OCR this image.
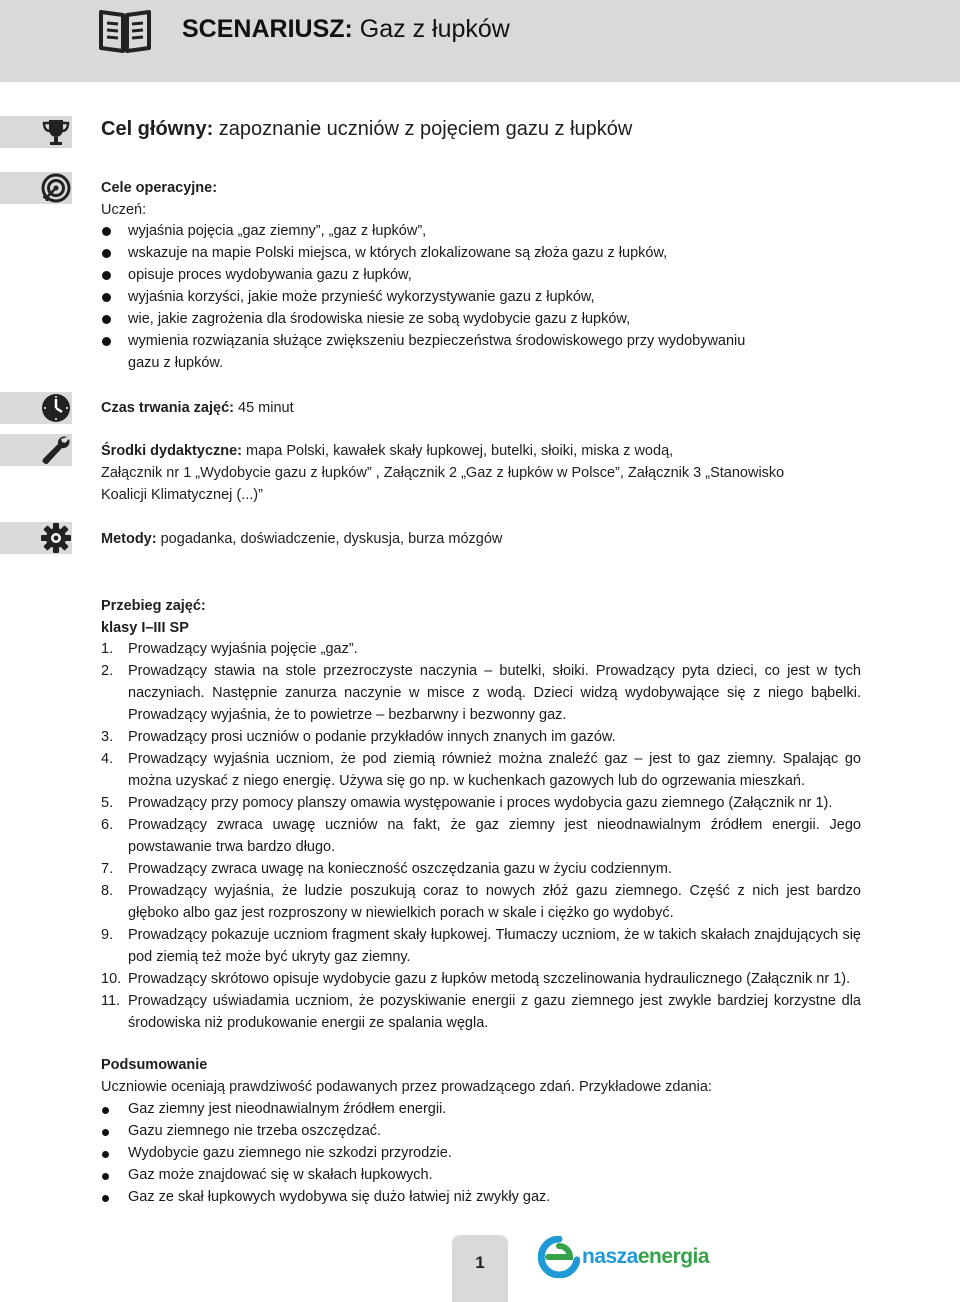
SCENARIUSZ: Gaz z łupków
Cel główny: zapoznanie uczniów z pojęciem gazu z łupków
Cele operacyjne:
Uczeń:
wyjaśnia pojęcia „gaz ziemny”, „gaz z łupków”,
wskazuje na mapie Polski miejsca, w których zlokalizowane są złoża gazu z łupków,
opisuje proces wydobywania gazu z łupków,
wyjaśnia korzyści, jakie może przynieść wykorzystywanie gazu z łupków,
wie, jakie zagrożenia dla środowiska niesie ze sobą wydobycie gazu z łupków,
wymienia rozwiązania służące zwiększeniu bezpieczeństwa środowiskowego przy wydobywaniu
gazu z łupków.
Czas trwania zajęć: 45 minut
Środki dydaktyczne: mapa Polski, kawałek skały łupkowej, butelki, słoiki, miska z wodą,
Załącznik nr 1 „Wydobycie gazu z łupków” , Załącznik 2 „Gaz z łupków w Polsce”, Załącznik 3 „Stanowisko
Koalicji Klimatycznej (...)”
Metody: pogadanka, doświadczenie, dyskusja, burza mózgów
Przebieg zajęć:
klasy I–III SP
1. Prowadzący wyjaśnia pojęcie „gaz”.
2. Prowadzący stawia na stole przezroczyste naczynia – butelki, słoiki. Prowadzący pyta dzieci, co jest w tych naczyniach. Następnie zanurza naczynie w misce z wodą. Dzieci widzą wydobywające się z niego bąbelki. Prowadzący wyjaśnia, że to powietrze – bezbarwny i bezwonny gaz.
3. Prowadzący prosi uczniów o podanie przykładów innych znanych im gazów.
4. Prowadzący wyjaśnia uczniom, że pod ziemią również można znaleźć gaz – jest to gaz ziemny. Spalając go można uzyskać z niego energię. Używa się go np. w kuchenkach gazowych lub do ogrzewania mieszkań.
5. Prowadzący przy pomocy planszy omawia występowanie i proces wydobycia gazu ziemnego (Załącznik nr 1).
6. Prowadzący zwraca uwagę uczniów na fakt, że gaz ziemny jest nieodnawialnym źródłem energii. Jego powstawanie trwa bardzo długo.
7. Prowadzący zwraca uwagę na konieczność oszczędzania gazu w życiu codziennym.
8. Prowadzący wyjaśnia, że ludzie poszukują coraz to nowych złóż gazu ziemnego. Część z nich jest bardzo głęboko albo gaz jest rozproszony w niewielkich porach w skale i ciężko go wydobyć.
9. Prowadzący pokazuje uczniom fragment skały łupkowej. Tłumaczy uczniom, że w takich skałach znajdujących się pod ziemią też może być ukryty gaz ziemny.
10. Prowadzący skrótowo opisuje wydobycie gazu z łupków metodą szczelinowania hydraulicznego (Załącznik nr 1).
11. Prowadzący uświadamia uczniom, że pozyskiwanie energii z gazu ziemnego jest zwykle bardziej korzystne dla środowiska niż produkowanie energii ze spalania węgla.
Podsumowanie
Uczniowie oceniają prawdziwość podawanych przez prowadzącego zdań. Przykładowe zdania:
Gaz ziemny jest nieodnawialnym źródłem energii.
Gazu ziemnego nie trzeba oszczędzać.
Wydobycie gazu ziemnego nie szkodzi przyrodzie.
Gaz może znajdować się w skałach łupkowych.
Gaz ze skał łupkowych wydobywa się dużo łatwiej niż zwykły gaz.
1	naszaenergia
